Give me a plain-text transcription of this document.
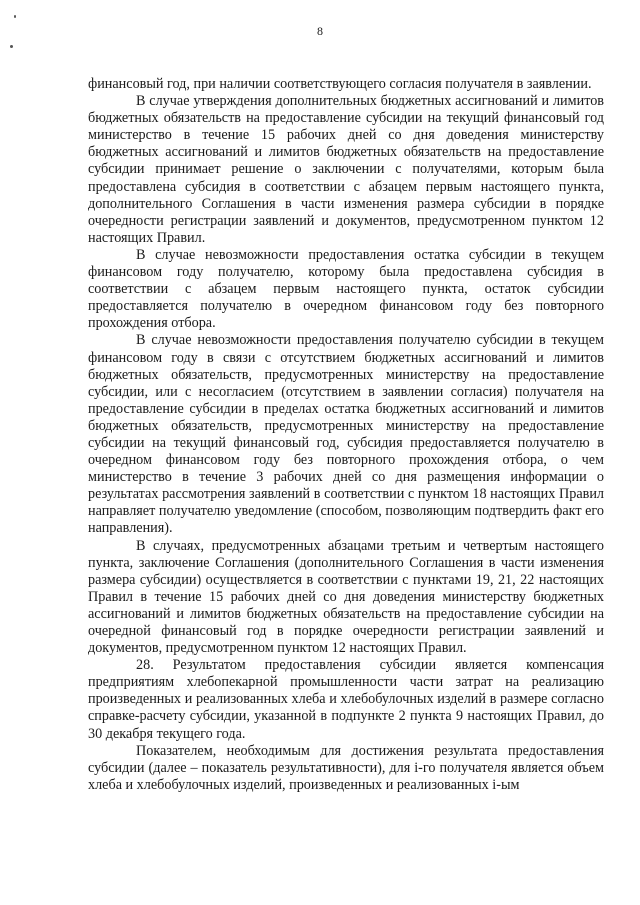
8

финансовый год, при наличии соответствующего согласия получателя в заявлении.

В случае утверждения дополнительных бюджетных ассигнований и лимитов бюджетных обязательств на предоставление субсидии на текущий финансовый год министерство в течение 15 рабочих дней со дня доведения министерству бюджетных ассигнований и лимитов бюджетных обязательств на предоставление субсидии принимает решение о заключении с получателями, которым была предоставлена субсидия в соответствии с абзацем первым настоящего пункта, дополнительного Соглашения в части изменения размера субсидии в порядке очередности регистрации заявлений и документов, предусмотренном пунктом 12 настоящих Правил.

В случае невозможности предоставления остатка субсидии в текущем финансовом году получателю, которому была предоставлена субсидия в соответствии с абзацем первым настоящего пункта, остаток субсидии предоставляется получателю в очередном финансовом году без повторного прохождения отбора.

В случае невозможности предоставления получателю субсидии в текущем финансовом году в связи с отсутствием бюджетных ассигнований и лимитов бюджетных обязательств, предусмотренных министерству на предоставление субсидии, или с несогласием (отсутствием в заявлении согласия) получателя на предоставление субсидии в пределах остатка бюджетных ассигнований и лимитов бюджетных обязательств, предусмотренных министерству на предоставление субсидии на текущий финансовый год, субсидия предоставляется получателю в очередном финансовом году без повторного прохождения отбора, о чем министерство в течение 3 рабочих дней со дня размещения информации о результатах рассмотрения заявлений в соответствии с пунктом 18 настоящих Правил направляет получателю уведомление (способом, позволяющим подтвердить факт его направления).

В случаях, предусмотренных абзацами третьим и четвертым настоящего пункта, заключение Соглашения (дополнительного Соглашения в части изменения размера субсидии) осуществляется в соответствии с пунктами 19, 21, 22 настоящих Правил в течение 15 рабочих дней со дня доведения министерству бюджетных ассигнований и лимитов бюджетных обязательств на предоставление субсидии на очередной финансовый год в порядке очередности регистрации заявлений и документов, предусмотренном пунктом 12 настоящих Правил.

28. Результатом предоставления субсидии является компенсация предприятиям хлебопекарной промышленности части затрат на реализацию произведенных и реализованных хлеба и хлебобулочных изделий в размере согласно справке-расчету субсидии, указанной в подпункте 2 пункта 9 настоящих Правил, до 30 декабря текущего года.

Показателем, необходимым для достижения результата предоставления субсидии (далее – показатель результативности), для i-го получателя является объем хлеба и хлебобулочных изделий, произведенных и реализованных i-ым
